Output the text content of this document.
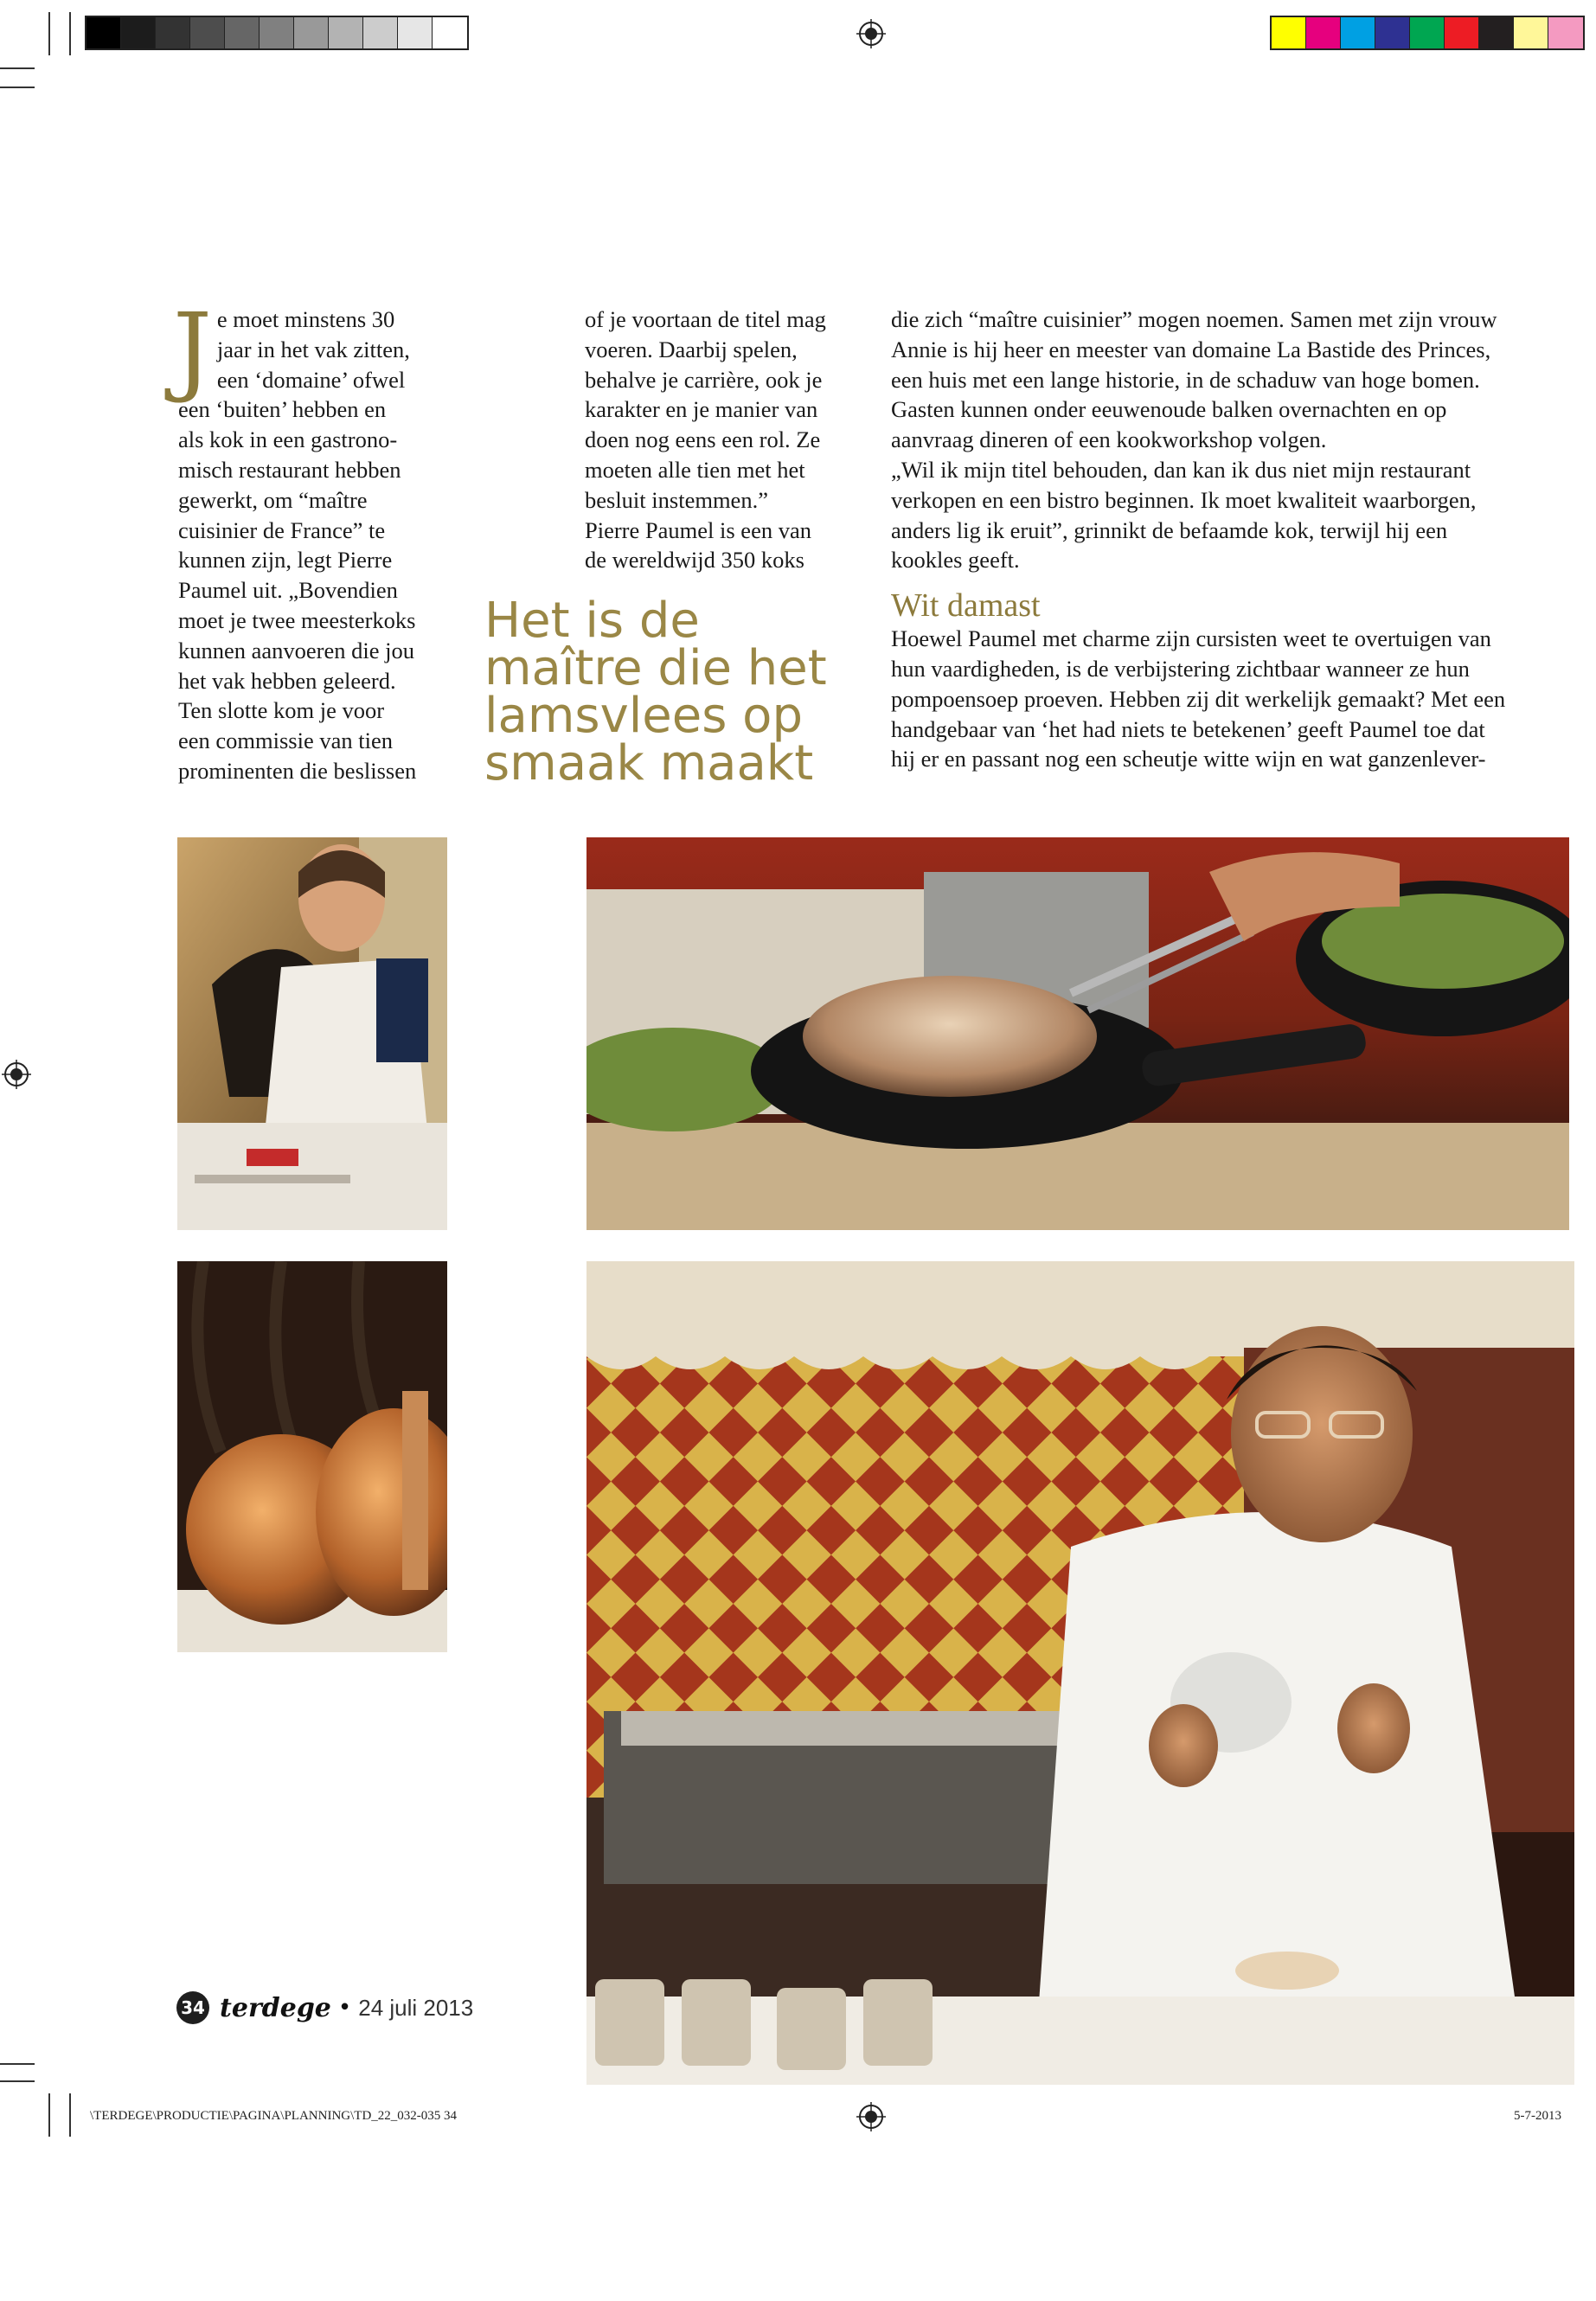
J e moet minstens 30
jaar in het vak zitten,
een ‘domaine’ ofwel
een ‘buiten’ hebben en
als kok in een gastrono-
misch restaurant hebben
gewerkt, om “maître
cuisinier de France” te
kunnen zijn, legt Pierre
Paumel uit. „Bovendien
moet je twee meesterkoks
kunnen aanvoeren die jou
het vak hebben geleerd.
Ten slotte kom je voor
een commissie van tien
prominenten die beslissen

of je voortaan de titel mag
voeren. Daarbij spelen,
behalve je carrière, ook je
karakter en je manier van
doen nog eens een rol. Ze
moeten alle tien met het
besluit instemmen.”
Pierre Paumel is een van
de wereldwijd 350 koks

Het is de
maître die het
lamsvlees op
smaak maakt

die zich “maître cuisinier” mogen noemen. Samen met zijn vrouw
Annie is hij heer en meester van domaine La Bastide des Princes,
een huis met een lange historie, in de schaduw van hoge bomen.
Gasten kunnen onder eeuwenoude balken overnachten en op
aanvraag dineren of een kookworkshop volgen.
„Wil ik mijn titel behouden, dan kan ik dus niet mijn restaurant
verkopen en een bistro beginnen. Ik moet kwaliteit waarborgen,
anders lig ik eruit”, grinnikt de befaamde kok, terwijl hij een
kookles geeft.

Wit damast

Hoewel Paumel met charme zijn cursisten weet te overtuigen van
hun vaardigheden, is de verbijstering zichtbaar wanneer ze hun
pompoensoep proeven. Hebben zij dit werkelijk gemaakt? Met een
handgebaar van ‘het had niets te betekenen’ geeft Paumel toe dat
hij er en passant nog een scheutje witte wijn en wat ganzenlever-

34 terdege • 24 juli 2013
\TERDEGE\PRODUCTIE\PAGINA\PLANNING\TD_22_032-035 34	5-7-2013
